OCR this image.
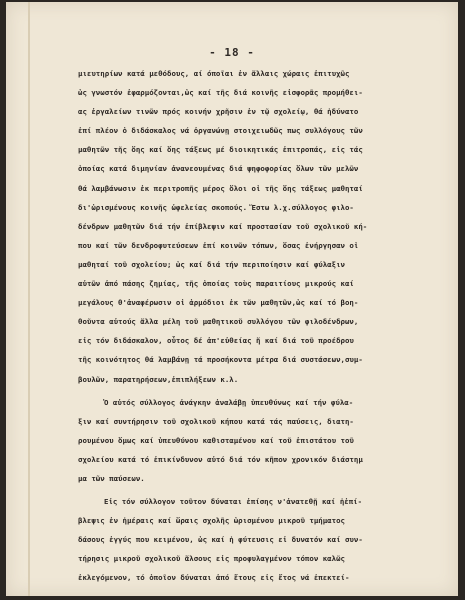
- 18 -
μιευτηρίων κατά μεθόδους, αί όποῖαι ἐν ἄλλαις χώραις ἐπιτυχῶς
ὡς γνωστόν ἐφαρμόζονται,ὡς καί τῆς διά κοινῆς εἰσφορᾶς προμήθει-
ας ἐργαλείων τινῶν πρός κοινήν χρῆσιν ἐν τῷ σχολείῳ, θά ἠδύνατο
ἐπί πλέον ὁ διδάσκαλος νά ὀργανώνῃ στοιχειωδῶς πως συλλόγους τῶν
μαθητῶν τῆς ὅης καί ὅης τάξεως μέ διοικητικάς ἐπιτροπάς, εἰς τάς
ὁποίας κατά διμηνίαν ἀνανεουμένας διά ψηφοφορίας ὅλων τῶν μελῶν
θά λαμβάνωσιν ἐκ περιτροπῆς μέρος ὅλοι οἱ τῆς ὅης τάξεως μαθηταί
δι'ὡρισμένους κοινῆς ὠφελείας σκοπούς. Ἔστω λ.χ.σύλλογος φιλο-
δένδρων μαθητῶν διά τήν ἐπίβλεψιν καί προστασίαν τοῦ σχολικοῦ κή-
που καί τῶν δενδροφυτεύσεων ἐπί κοινῶν τόπων, ὅσας ἐνήργησαν οἱ
μαθηταί τοῦ σχολείου; ὡς καί διά τήν περιποίησιν καί φύλαξιν
αὐτῶν ἀπό πάσης ζημίας, τῆς ὁποίας τοὺς παραιτίους μικρούς καί
μεγάλους θ'ἀναφέρωσιν οἱ ἁρμόδιοι ἐκ τῶν μαθητῶν,ὡς καί τό βοη-
θοῦντα αὐτούς ἄλλα μέλη τοῦ μαθητικοῦ συλλόγου τῶν φιλοδένδρων,
εἰς τόν διδάσκαλον, οὗτος δέ ἀπ'εὐθείας ἤ καί διά τοῦ προέδρου
τῆς κοινότητος θά λαμβάνῃ τά προσήκοντα μέτρα διά συστάσεων,συμ-
βουλῶν, παρατηρήσεων,ἐπιπλήξεων κ.λ.
Ὁ αὐτός σύλλογος ἀνάγκην ἀναλάβῃ ὑπευθύνως καί τήν φύλα-
ξιν καί συντήρησιν τοῦ σχολικοῦ κήπου κατά τάς παύσεις, διατη-
ρουμένου ὅμως καί ὑπευθύνου καθισταμένου καί τοῦ ἐπιστάτου τοῦ
σχολείου κατά τό ἐπικίνδυνον αὐτό διά τόν κῆπον χρονικόν διάστημ
μα τῶν παύσεων.
Εἰς τόν σύλλογον τοῦτον δύναται ἐπίσης ν'ἀνατεθῇ καί ἡἐπί-
βλεψις ἐν ἡμέραις καί ὥραις σχολῆς ὡρισμένου μικροῦ τμήματος
δάσους ἐγγύς που κειμένου, ὡς καί ἡ φύτευσις εἰ δυνατόν καί συν-
τήρησις μικροῦ σχολικοῦ ἄλσους εἰς προφυλαγμένον τόπον καλῶς
ἐκλεγόμενον, τό ὁποῖον δύναται ἀπό ἔτους εἰς ἔτος νά ἐπεκτεί-
